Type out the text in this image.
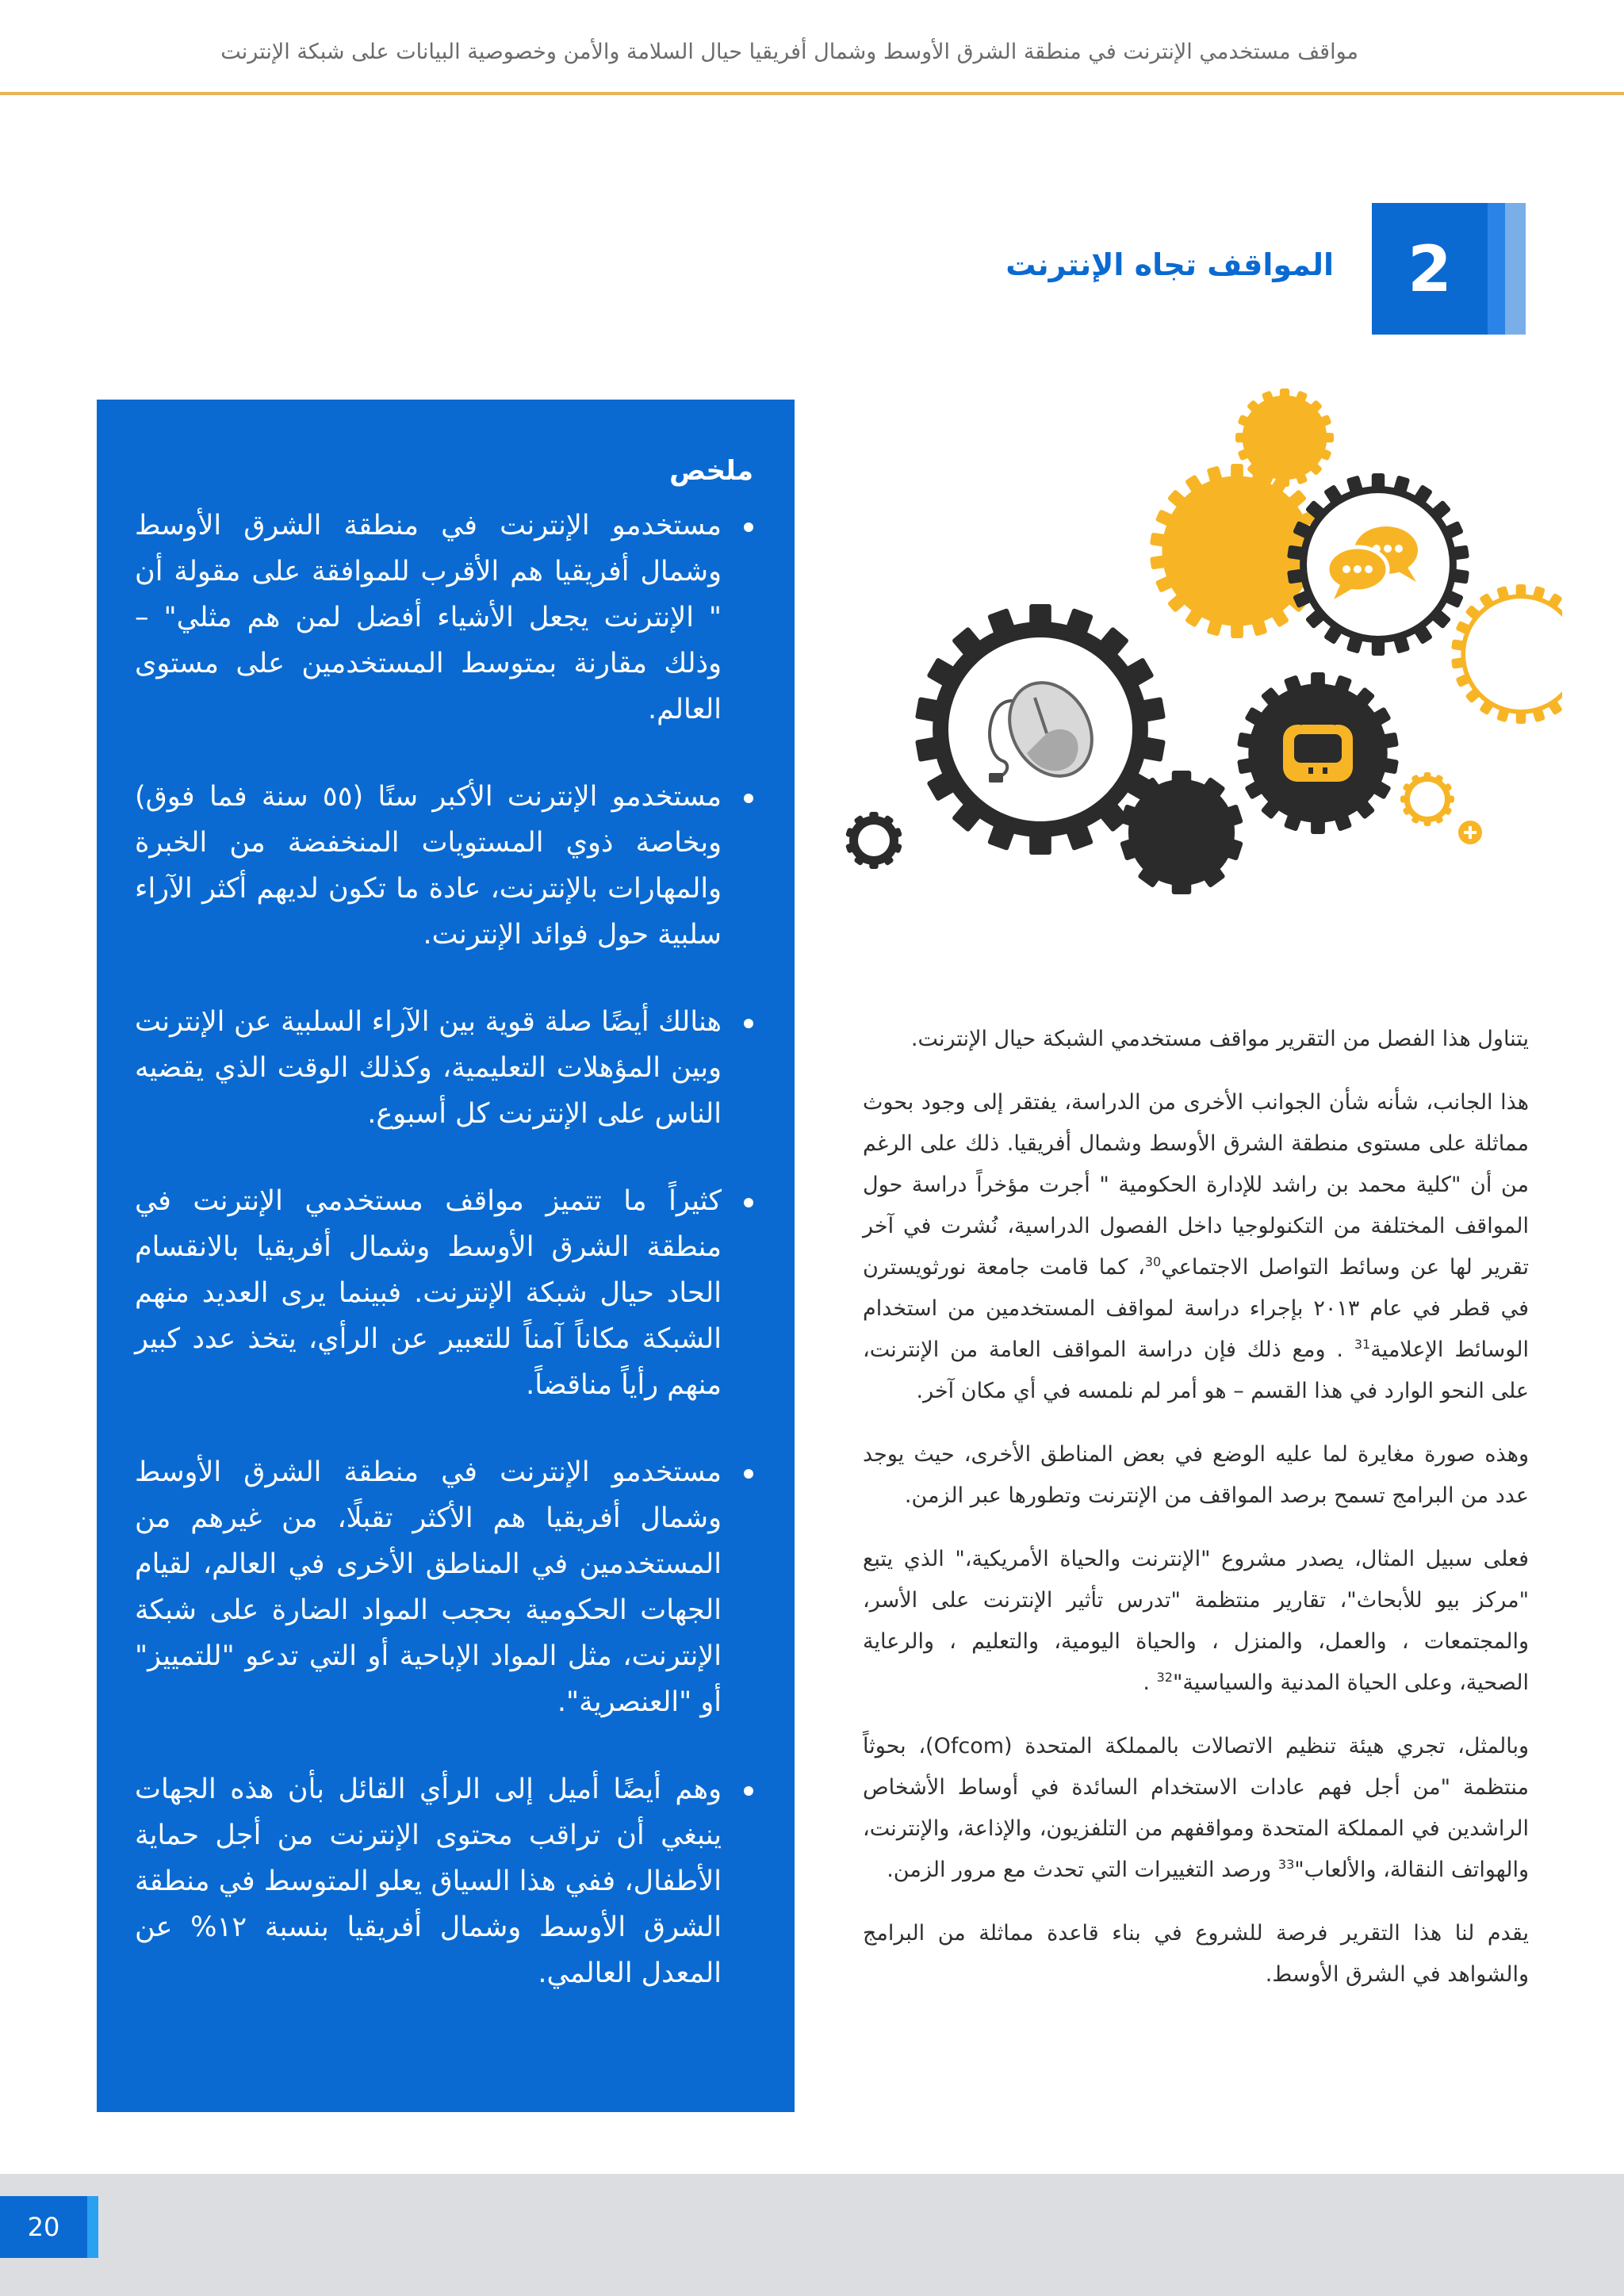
مواقف مستخدمي الإنترنت في منطقة الشرق الأوسط وشمال أفريقيا حيال السلامة والأمن وخصوصية البيانات على شبكة الإنترنت
2
المواقف تجاه الإنترنت
ملخص
مستخدمو الإنترنت في منطقة الشرق الأوسط وشمال أفريقيا هم الأقرب للموافقة على مقولة أن " الإنترنت يجعل الأشياء أفضل لمن هم مثلي" – وذلك مقارنة بمتوسط المستخدمين على مستوى العالم.
مستخدمو الإنترنت الأكبر سنًا (٥٥ سنة فما فوق) وبخاصة ذوي المستويات المنخفضة من الخبرة والمهارات بالإنترنت، عادة ما تكون لديهم أكثر الآراء سلبية حول فوائد الإنترنت.
هنالك أيضًا صلة قوية بين الآراء السلبية عن الإنترنت وبين المؤهلات التعليمية، وكذلك الوقت الذي يقضيه الناس على الإنترنت كل أسبوع.
كثيراً ما تتميز مواقف مستخدمي الإنترنت في منطقة الشرق الأوسط وشمال أفريقيا بالانقسام الحاد حيال شبكة الإنترنت. فبينما يرى العديد منهم الشبكة مكاناً آمناً للتعبير عن الرأي، يتخذ عدد كبير منهم رأياً مناقضاً.
مستخدمو الإنترنت في منطقة الشرق الأوسط وشمال أفريقيا هم الأكثر تقبلًا، من غيرهم من المستخدمين في المناطق الأخرى في العالم، لقيام الجهات الحكومية بحجب المواد الضارة على شبكة الإنترنت، مثل المواد الإباحية أو التي تدعو "للتمييز" أو "العنصرية".
وهم أيضًا أميل إلى الرأي القائل بأن هذه الجهات ينبغي أن تراقب محتوى الإنترنت من أجل حماية الأطفال، ففي هذا السياق يعلو المتوسط في منطقة الشرق الأوسط وشمال أفريقيا بنسبة ١٢% عن المعدل العالمي.

يتناول هذا الفصل من التقرير مواقف مستخدمي الشبكة حيال الإنترنت.

هذا الجانب، شأنه شأن الجوانب الأخرى من الدراسة، يفتقر إلى وجود بحوث مماثلة على مستوى منطقة الشرق الأوسط وشمال أفريقيا. ذلك على الرغم من أن "كلية محمد بن راشد للإدارة الحكومية " أجرت مؤخراً دراسة حول المواقف المختلفة من التكنولوجيا داخل الفصول الدراسية، نُشرت في آخر تقرير لها عن وسائط التواصل الاجتماعي$^{30}$، كما قامت جامعة نورثويسترن في قطر في عام ٢٠١٣ بإجراء دراسة لمواقف المستخدمين من استخدام الوسائط الإعلامية$^{31}$ . ومع ذلك فإن دراسة المواقف العامة من الإنترنت، على النحو الوارد في هذا القسم – هو أمر لم نلمسه في أي مكان آخر.

وهذه صورة مغايرة لما عليه الوضع في بعض المناطق الأخرى، حيث يوجد عدد من البرامج تسمح برصد المواقف من الإنترنت وتطورها عبر الزمن.

فعلى سبيل المثال، يصدر مشروع "الإنترنت والحياة الأمريكية،" الذي يتبع "مركز بيو للأبحاث"، تقارير منتظمة "تدرس تأثير الإنترنت على الأسر، والمجتمعات ، والعمل، والمنزل ، والحياة اليومية، والتعليم ، والرعاية الصحية، وعلى الحياة المدنية والسياسية"$^{32}$ .

وبالمثل، تجري هيئة تنظيم الاتصالات بالمملكة المتحدة (Ofcom)، بحوثاً منتظمة "من أجل فهم عادات الاستخدام السائدة في أوساط الأشخاص الراشدين في المملكة المتحدة ومواقفهم من التلفزيون، والإذاعة، والإنترنت، والهواتف النقالة، والألعاب"$^{33}$ ورصد التغييرات التي تحدث مع مرور الزمن.

يقدم لنا هذا التقرير فرصة للشروع في بناء قاعدة مماثلة من البرامج والشواهد في الشرق الأوسط.

20
